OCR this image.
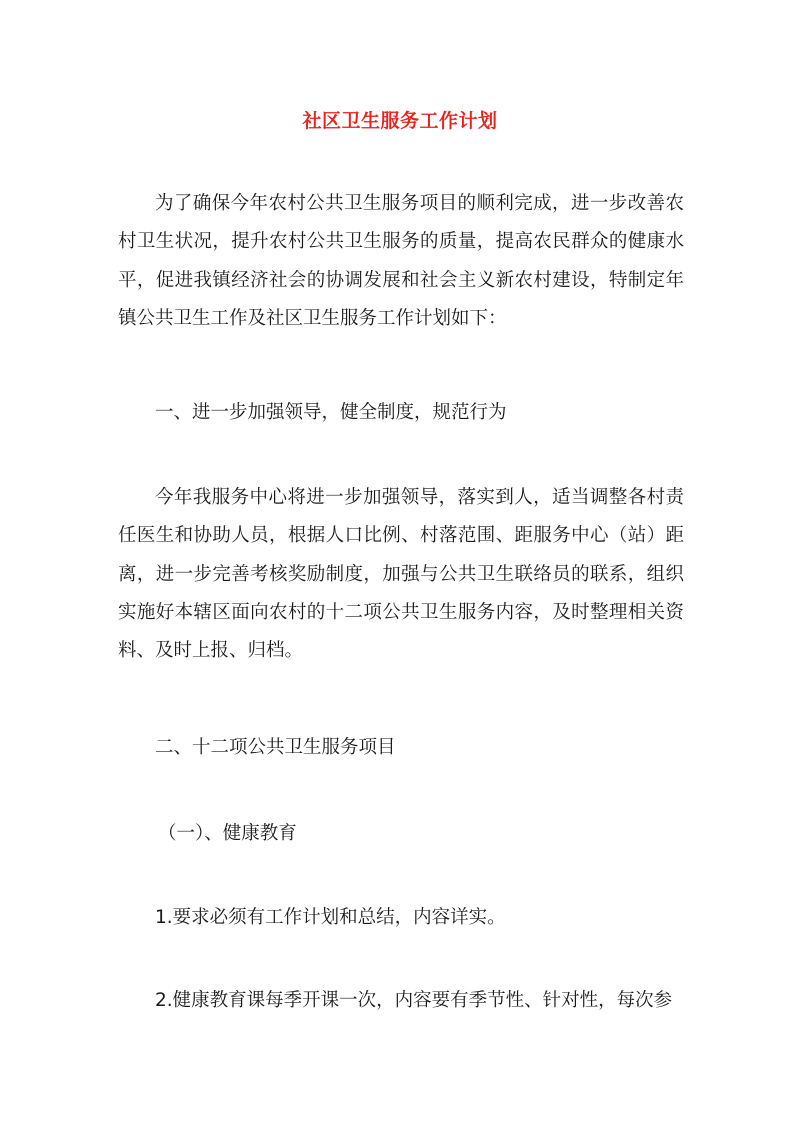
社区卫生服务工作计划

为了确保今年农村公共卫生服务项目的顺利完成，进一步改善农村卫生状况，提升农村公共卫生服务的质量，提高农民群众的健康水平，促进我镇经济社会的协调发展和社会主义新农村建设，特制定年 镇公共卫生工作及社区卫生服务工作计划如下：

一、进一步加强领导，健全制度，规范行为

今年我服务中心将进一步加强领导，落实到人，适当调整各村责任医生和协助人员，根据人口比例、村落范围、距服务中心（站）距离，进一步完善考核奖励制度，加强与公共卫生联络员的联系，组织实施好本辖区面向农村的十二项公共卫生服务内容，及时整理相关资料、及时上报、归档。

二、十二项公共卫生服务项目

（一）、健康教育

1.要求必须有工作计划和总结，内容详实。

2.健康教育课每季开课一次，内容要有季节性、针对性，每次参
